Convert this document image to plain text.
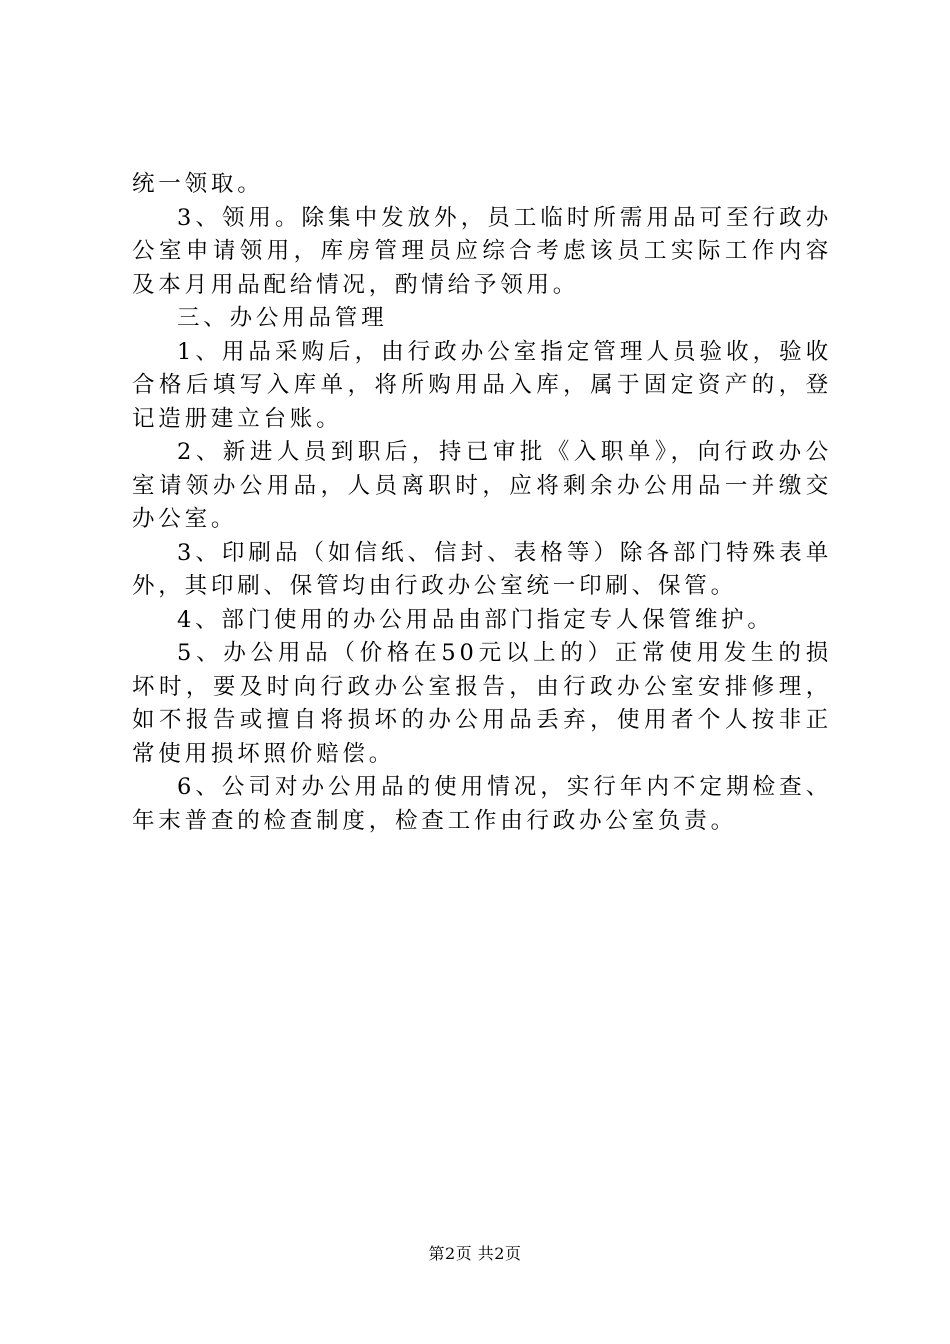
统一领取。

3、领用。除集中发放外，员工临时所需用品可至行政办公室申请领用，库房管理员应综合考虑该员工实际工作内容及本月用品配给情况，酌情给予领用。

三、办公用品管理

1、用品采购后，由行政办公室指定管理人员验收，验收合格后填写入库单，将所购用品入库，属于固定资产的，登记造册建立台账。

2、新进人员到职后，持已审批《入职单》，向行政办公室请领办公用品，人员离职时，应将剩余办公用品一并缴交办公室。

3、印刷品（如信纸、信封、表格等）除各部门特殊表单外，其印刷、保管均由行政办公室统一印刷、保管。

4、部门使用的办公用品由部门指定专人保管维护。

5、办公用品（价格在50元以上的）正常使用发生的损坏时，要及时向行政办公室报告，由行政办公室安排修理，如不报告或擅自将损坏的办公用品丢弃，使用者个人按非正常使用损坏照价赔偿。

6、公司对办公用品的使用情况，实行年内不定期检查、年末普查的检查制度，检查工作由行政办公室负责。

第2页 共2页
